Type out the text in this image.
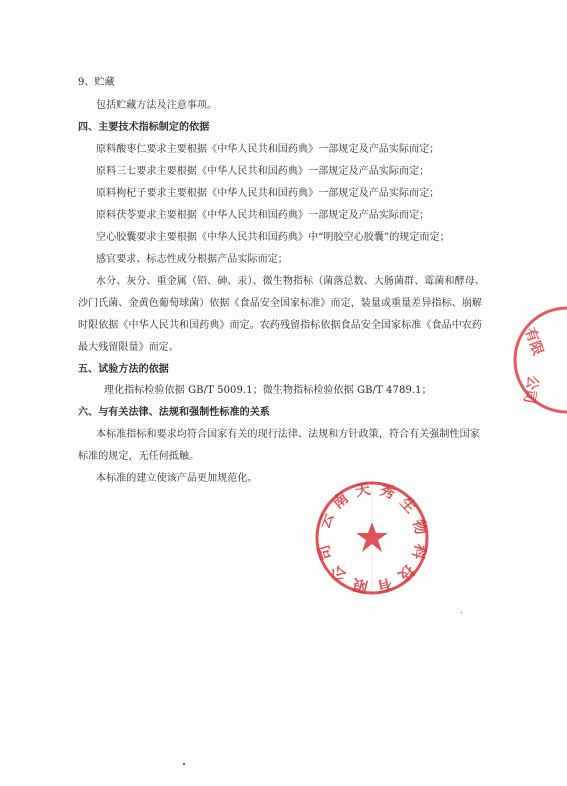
9、贮藏
包括贮藏方法及注意事项。
四、主要技术指标制定的依据
原料酸枣仁要求主要根据《中华人民共和国药典》一部规定及产品实际而定；
原料三七要求主要根据《中华人民共和国药典》一部规定及产品实际而定；
原料枸杞子要求主要根据《中华人民共和国药典》一部规定及产品实际而定；
原料茯苓要求主要根据《中华人民共和国药典》一部规定及产品实际而定；
空心胶囊要求主要根据《中华人民共和国药典》中“明胶空心胶囊”的规定而定；
感官要求、标志性成分根据产品实际而定；
水分、灰分、重金属（铅、砷、汞）、微生物指标（菌落总数、大肠菌群、霉菌和酵母、
沙门氏菌、金黄色葡萄球菌）依据《食品安全国家标准》而定，装量或重量差异指标、崩解
时限依据《中华人民共和国药典》而定。农药残留指标依据食品安全国家标准《食品中农药
最大残留限量》而定。
五、试验方法的依据
理化指标检验依据 GB/T 5009.1；微生物指标检验依据 GB/T 4789.1；
六、与有关法律、法规和强制性标准的关系
本标准指标和要求均符合国家有关的现行法律、法规和方针政策，符合有关强制性国家
标准的规定，无任何抵触。
本标准的建立使该产品更加规范化。
云南天秀生物科技有限公司
有限
公司
